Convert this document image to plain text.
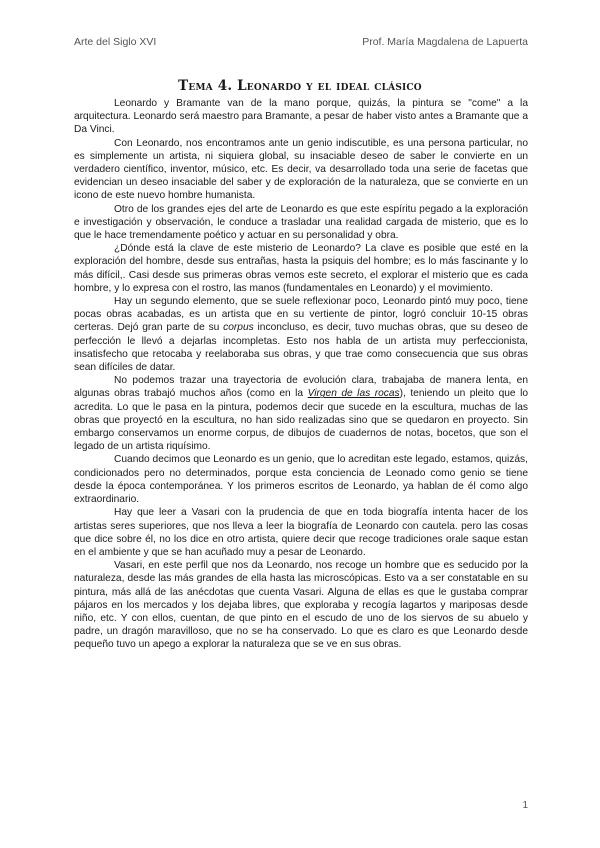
Arte del Siglo XVI	Prof. María Magdalena de Lapuerta
Tema 4. Leonardo y el ideal clásico

Leonardo y Bramante van de la mano porque, quizás, la pintura se "come" a la arquitectura. Leonardo será maestro para Bramante, a pesar de haber visto antes a Bramante que a Da Vinci.

Con Leonardo, nos encontramos ante un genio indiscutible, es una persona particular, no es simplemente un artista, ni siquiera global, su insaciable deseo de saber le convierte en un verdadero científico, inventor, músico, etc. Es decir, va desarrollado toda una serie de facetas que evidencian un deseo insaciable del saber y de exploración de la naturaleza, que se convierte en un icono de este nuevo hombre humanista.

Otro de los grandes ejes del arte de Leonardo es que este espíritu pegado a la exploración e investigación y observación, le conduce a trasladar una realidad cargada de misterio, que es lo que le hace tremendamente poético y actuar en su personalidad y obra.

¿Dónde está la clave de este misterio de Leonardo? La clave es posible que esté en la exploración del hombre, desde sus entrañas, hasta la psiquis del hombre; es lo más fascinante y lo más difícil,. Casi desde sus primeras obras vemos este secreto, el explorar el misterio que es cada hombre, y lo expresa con el rostro, las manos (fundamentales en Leonardo) y el movimiento.

Hay un segundo elemento, que se suele reflexionar poco, Leonardo pintó muy poco, tiene pocas obras acabadas, es un artista que en su vertiente de pintor, logró concluir 10-15 obras certeras. Dejó gran parte de su corpus inconcluso, es decir, tuvo muchas obras, que su deseo de perfección le llevó a dejarlas incompletas. Esto nos habla de un artista muy perfeccionista, insatisfecho que retocaba y reelaboraba sus obras, y que trae como consecuencia que sus obras sean difíciles de datar.

No podemos trazar una trayectoria de evolución clara, trabajaba de manera lenta, en algunas obras trabajó muchos años (como en la Virgen de las rocas), teniendo un pleito que lo acredita. Lo que le pasa en la pintura, podemos decir que sucede en la escultura, muchas de las obras que proyectó en la escultura, no han sido realizadas sino que se quedaron en proyecto. Sin embargo conservamos un enorme corpus, de dibujos de cuadernos de notas, bocetos, que son el legado de un artista riquísimo.

Cuando decimos que Leonardo es un genio, que lo acreditan este legado, estamos, quizás, condicionados pero no determinados, porque esta conciencia de Leonado como genio se tiene desde la época contemporánea. Y los primeros escritos de Leonardo, ya hablan de él como algo extraordinario.

Hay que leer a Vasari con la prudencia de que en toda biografía intenta hacer de los artistas seres superiores, que nos lleva a leer la biografía de Leonardo con cautela. pero las cosas que dice sobre él, no los dice en otro artista, quiere decir que recoge tradiciones orale saque estan en el ambiente y que se han acuñado muy a pesar de Leonardo.

Vasari, en este perfil que nos da Leonardo, nos recoge un hombre que es seducido por la naturaleza, desde las más grandes de ella hasta las microscópicas. Esto va a ser constatable en su pintura, más allá de las anécdotas que cuenta Vasari. Alguna de ellas es que le gustaba comprar pájaros en los mercados y los dejaba libres, que exploraba y recogía lagartos y mariposas desde niño, etc. Y con ellos, cuentan, de que pinto en el escudo de uno de los siervos de su abuelo y padre, un dragón maravilloso, que no se ha conservado. Lo que es claro es que Leonardo desde pequeño tuvo un apego a explorar la naturaleza que se ve en sus obras.

1
